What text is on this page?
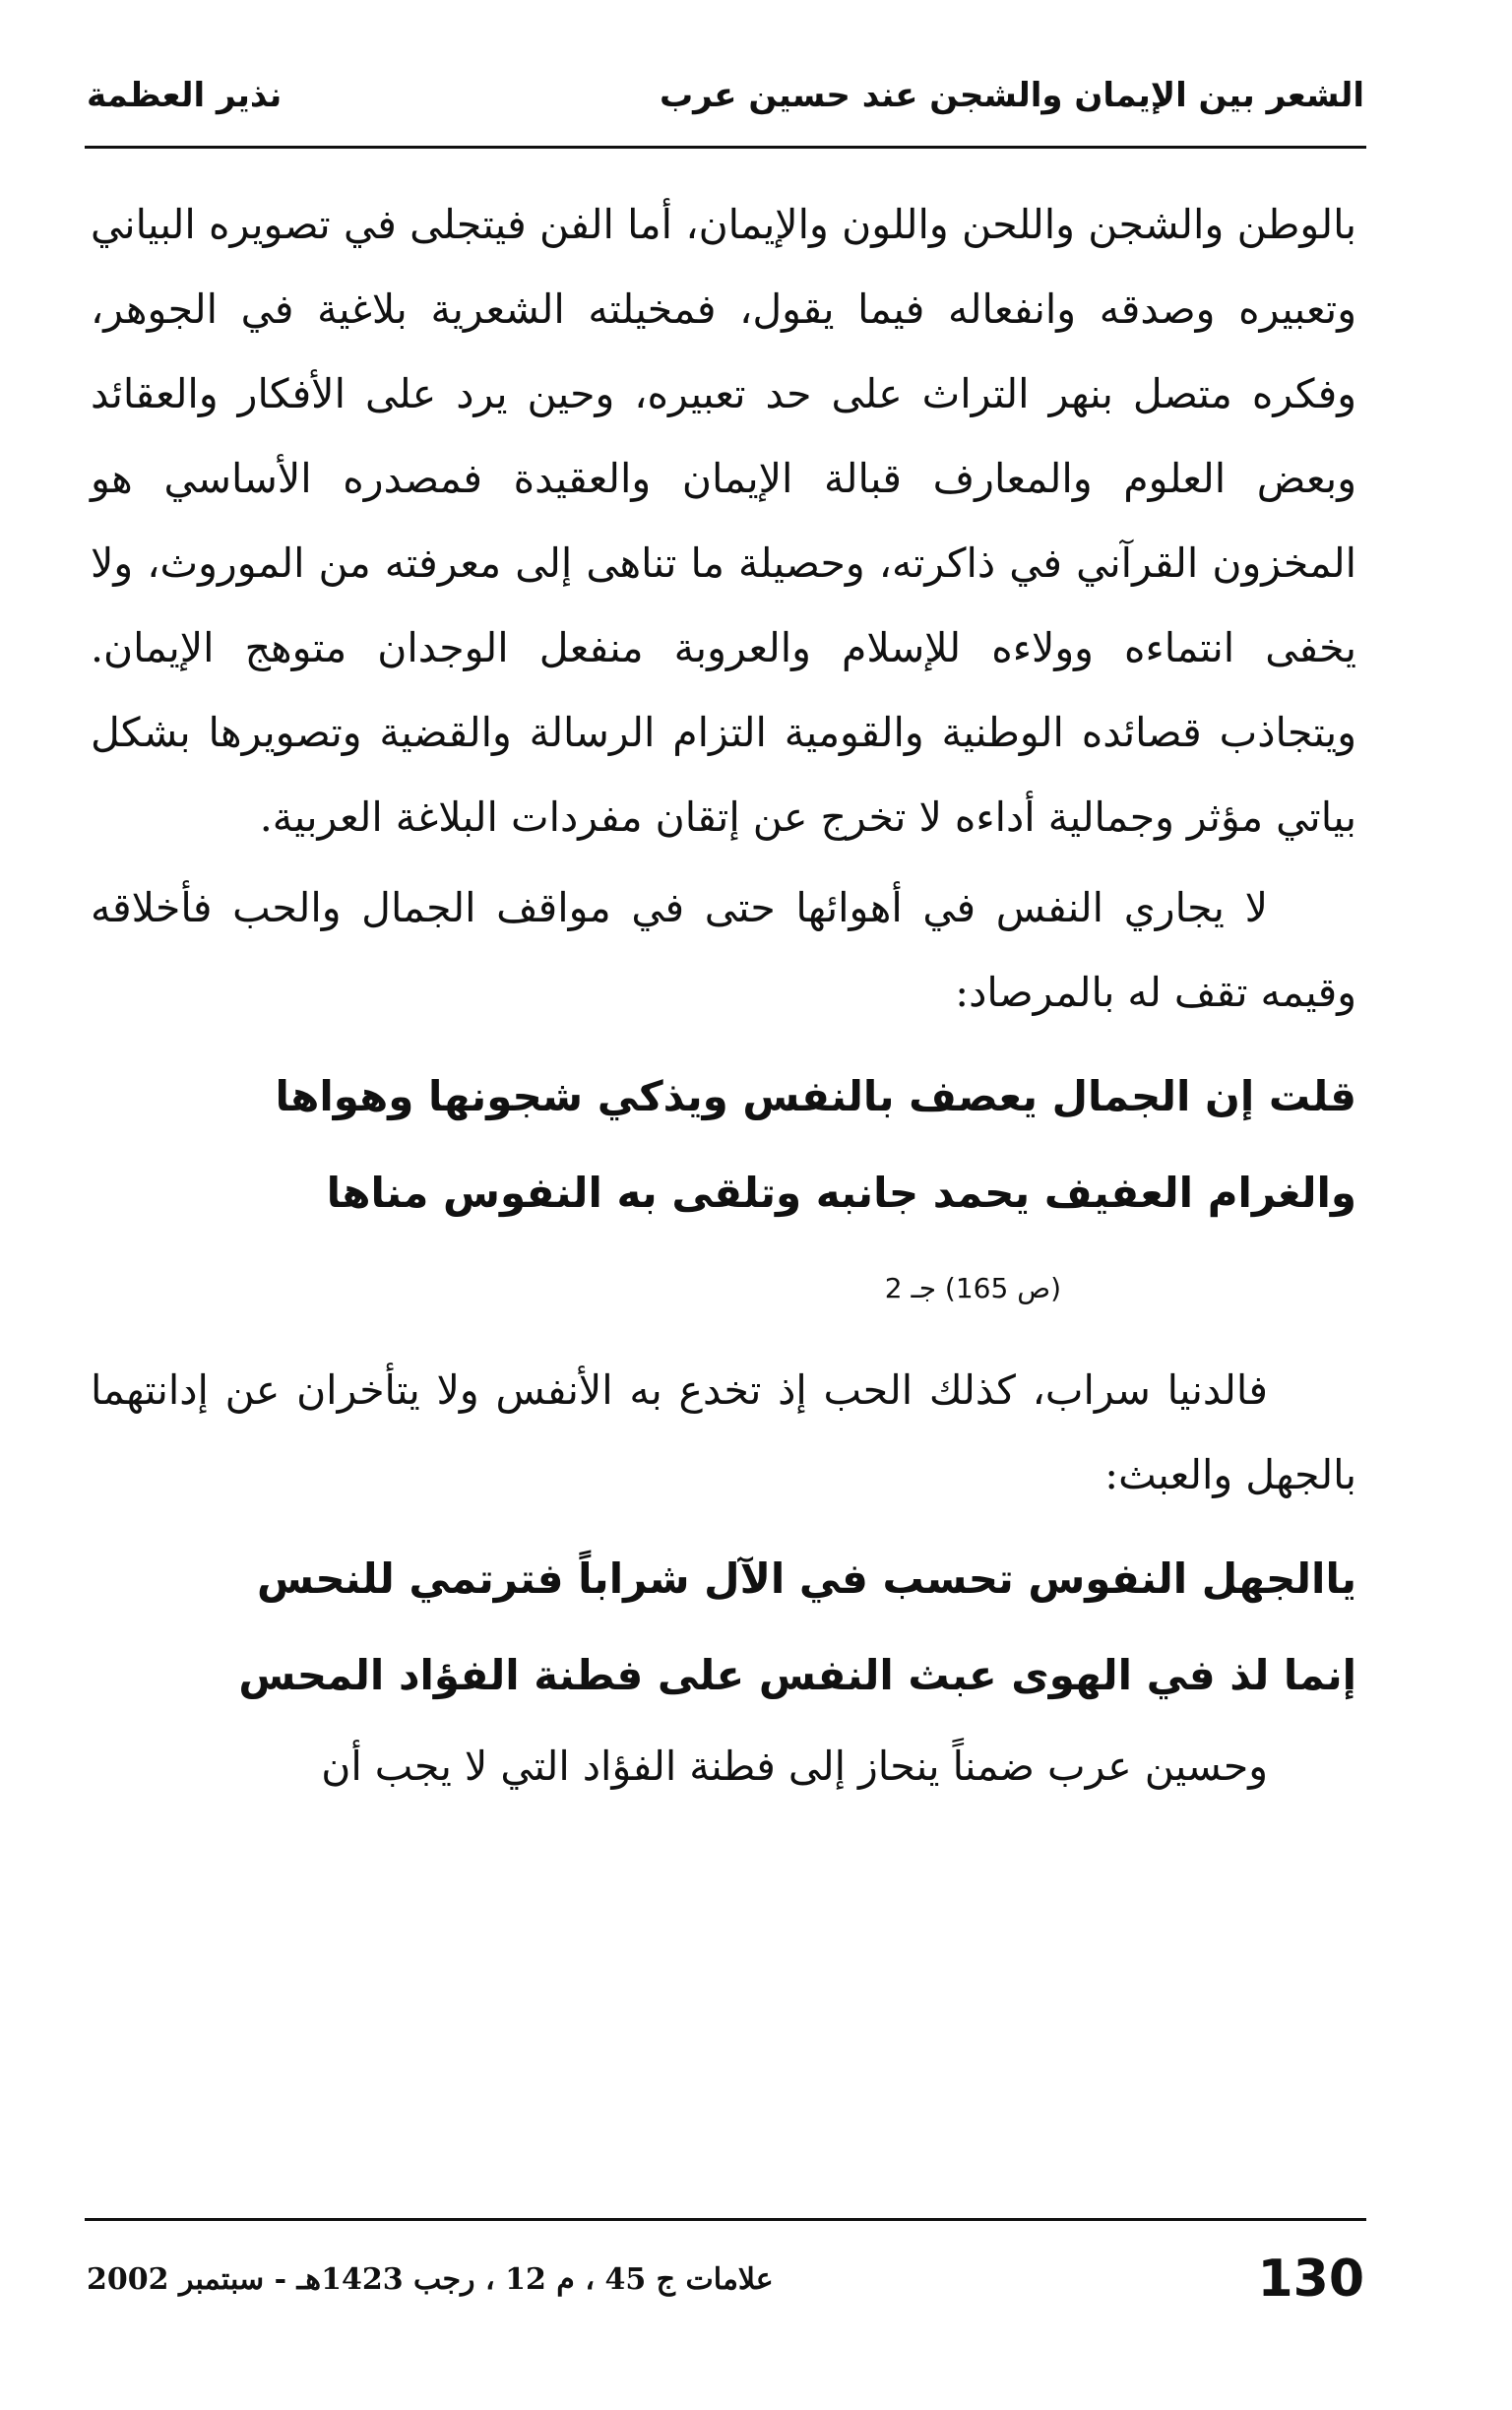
الشعر بين الإيمان والشجن عند حسين عرب
نذير العظمة

بالوطن والشجن واللحن واللون والإيمان، أما الفن فيتجلى في تصويره البياني وتعبيره وصدقه وانفعاله فيما يقول، فمخيلته الشعرية بلاغية في الجوهر، وفكره متصل بنهر التراث على حد تعبيره، وحين يرد على الأفكار والعقائد وبعض العلوم والمعارف قبالة الإيمان والعقيدة فمصدره الأساسي هو المخزون القرآني في ذاكرته، وحصيلة ما تناهى إلى معرفته من الموروث، ولا يخفى انتماءه وولاءه للإسلام والعروبة منفعل الوجدان متوهج الإيمان. ويتجاذب قصائده الوطنية والقومية التزام الرسالة والقضية وتصويرها بشكل بياتي مؤثر وجمالية أداءه لا تخرج عن إتقان مفردات البلاغة العربية.

لا يجاري النفس في أهوائها حتى في مواقف الجمال والحب فأخلاقه وقيمه تقف له بالمرصاد:

قلت إن الجمال يعصف بالنفس ويذكي شجونها وهواها

والغرام العفيف يحمد جانبه وتلقى به النفوس مناها

(ص 165) جـ 2

فالدنيا سراب، كذلك الحب إذ تخدع به الأنفس ولا يتأخران عن إدانتهما بالجهل والعبث:

ياالجهل النفوس تحسب في الآل شراباً فترتمي للنحس

إنما لذ في الهوى عبث النفس على فطنة الفؤاد المحس

وحسين عرب ضمناً ينحاز إلى فطنة الفؤاد التي لا يجب أن

130
علامات ج 45 ، م 12 ، رجب 1423هـ - سبتمبر 2002
